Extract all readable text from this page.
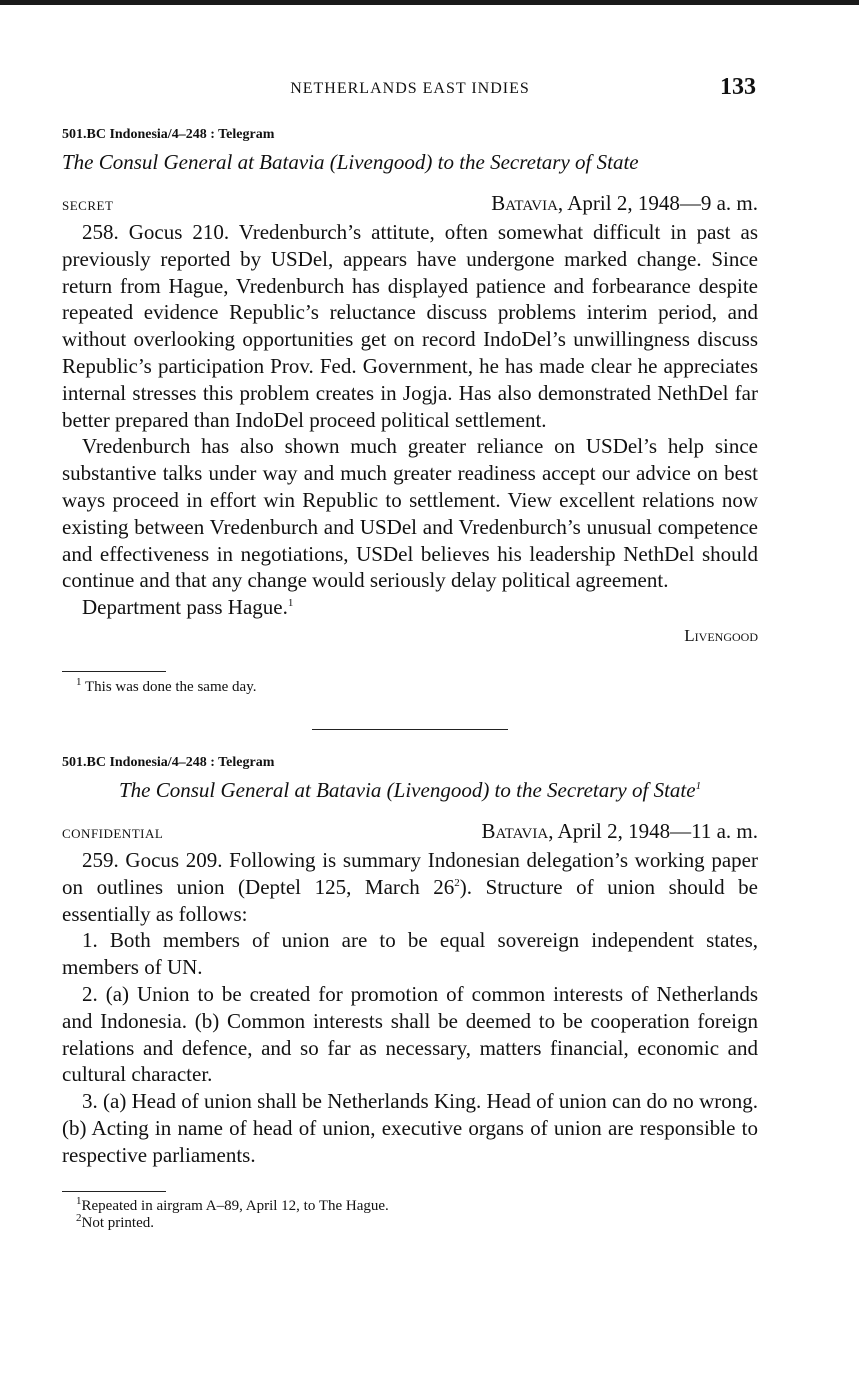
NETHERLANDS EAST INDIES	133
501.BC Indonesia/4–248 : Telegram
The Consul General at Batavia (Livengood) to the Secretary of State
SECRET	Batavia, April 2, 1948—9 a. m.

258. Gocus 210. Vredenburch’s attitute, often somewhat difficult in past as previously reported by USDel, appears have undergone marked change. Since return from Hague, Vredenburch has displayed patience and forbearance despite repeated evidence Republic’s reluctance discuss problems interim period, and without overlooking opportunities get on record IndoDel’s unwillingness discuss Republic’s participation Prov. Fed. Government, he has made clear he appreciates internal stresses this problem creates in Jogja. Has also demonstrated NethDel far better prepared than IndoDel proceed political settlement.

Vredenburch has also shown much greater reliance on USDel’s help since substantive talks under way and much greater readiness accept our advice on best ways proceed in effort win Republic to settlement. View excellent relations now existing between Vredenburch and USDel and Vredenburch’s unusual competence and effectiveness in negotiations, USDel believes his leadership NethDel should continue and that any change would seriously delay political agreement.

Department pass Hague.$^1$

Livengood
$^1$ This was done the same day.
501.BC Indonesia/4–248 : Telegram
The Consul General at Batavia (Livengood) to the Secretary of State$^1$
CONFIDENTIAL	Batavia, April 2, 1948—11 a. m.

259. Gocus 209. Following is summary Indonesian delegation’s working paper on outlines union (Deptel 125, March $26^2$). Structure of union should be essentially as follows:

1. Both members of union are to be equal sovereign independent states, members of UN.

2. (a) Union to be created for promotion of common interests of Netherlands and Indonesia. (b) Common interests shall be deemed to be cooperation foreign relations and defence, and so far as necessary, matters financial, economic and cultural character.

3. (a) Head of union shall be Netherlands King. Head of union can do no wrong. (b) Acting in name of head of union, executive organs of union are responsible to respective parliaments.

$^1$Repeated in airgram A–89, April 12, to The Hague.
$^2$Not printed.
